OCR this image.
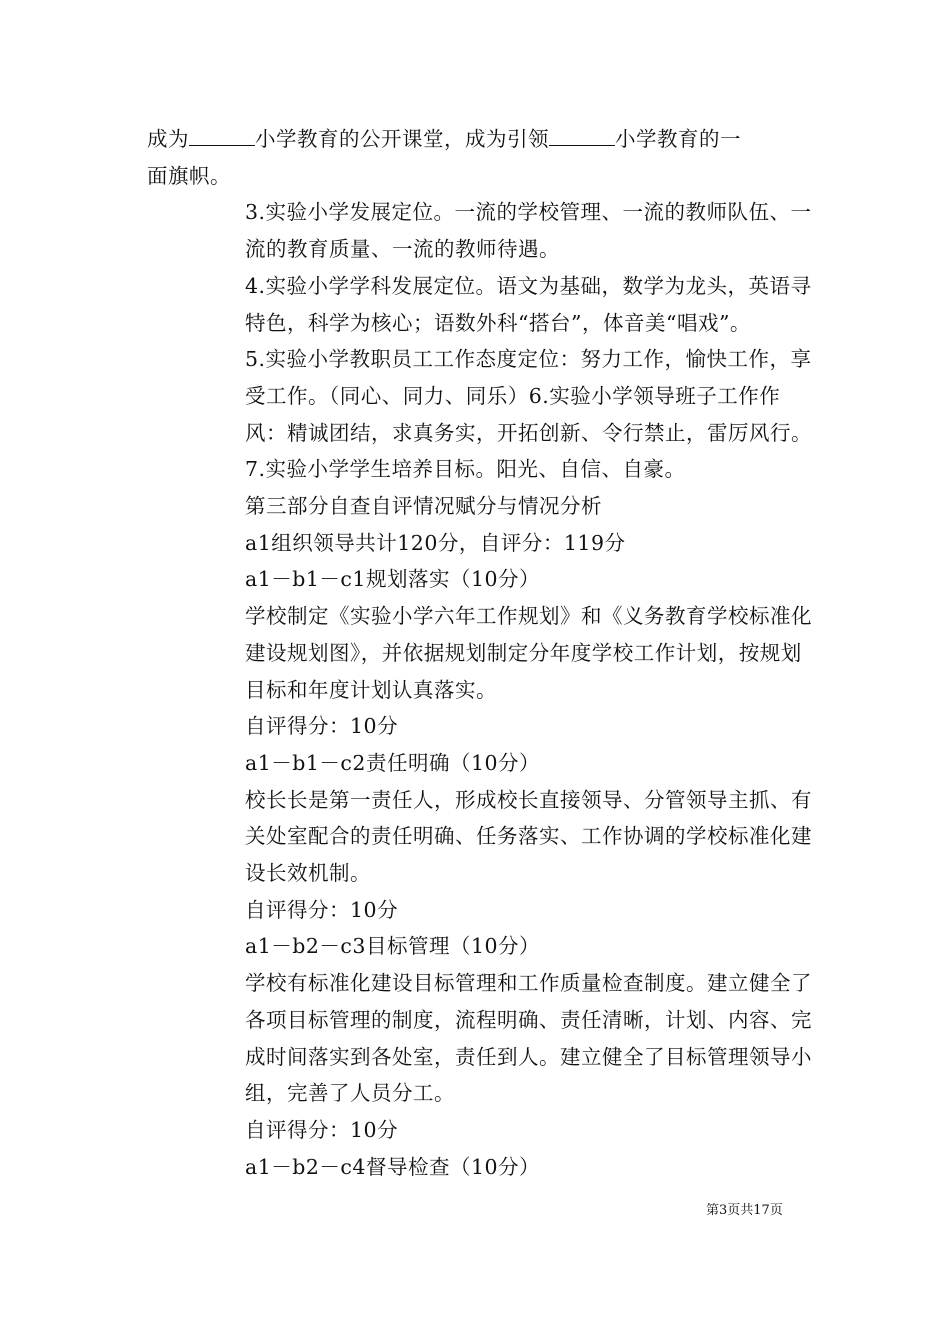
成为	小学教育的公开课堂，成为引领	小学教育的一
面旗帜。

3.实验小学发展定位。一流的学校管理、一流的教师队伍、一流的教育质量、一流的教师待遇。

4.实验小学学科发展定位。语文为基础，数学为龙头，英语寻特色，科学为核心；语数外科“搭台”，体音美“唱戏”。

5.实验小学教职员工工作态度定位：努力工作，愉快工作，享受工作。（同心、同力、同乐）6.实验小学领导班子工作作风：精诚团结，求真务实，开拓创新、令行禁止，雷厉风行。

7.实验小学学生培养目标。阳光、自信、自豪。

第三部分自查自评情况赋分与情况分析

a1组织领导共计120分，自评分：119分

a1－b1－c1规划落实（10分）

学校制定《实验小学六年工作规划》和《义务教育学校标准化建设规划图》，并依据规划制定分年度学校工作计划，按规划目标和年度计划认真落实。

自评得分：10分

a1－b1－c2责任明确（10分）

校长长是第一责任人，形成校长直接领导、分管领导主抓、有关处室配合的责任明确、任务落实、工作协调的学校标准化建设长效机制。

自评得分：10分

a1－b2－c3目标管理（10分）

学校有标准化建设目标管理和工作质量检查制度。建立健全了各项目标管理的制度，流程明确、责任清晰，计划、内容、完成时间落实到各处室，责任到人。建立健全了目标管理领导小组，完善了人员分工。

自评得分：10分

a1－b2－c4督导检查（10分）

第3页共17页
